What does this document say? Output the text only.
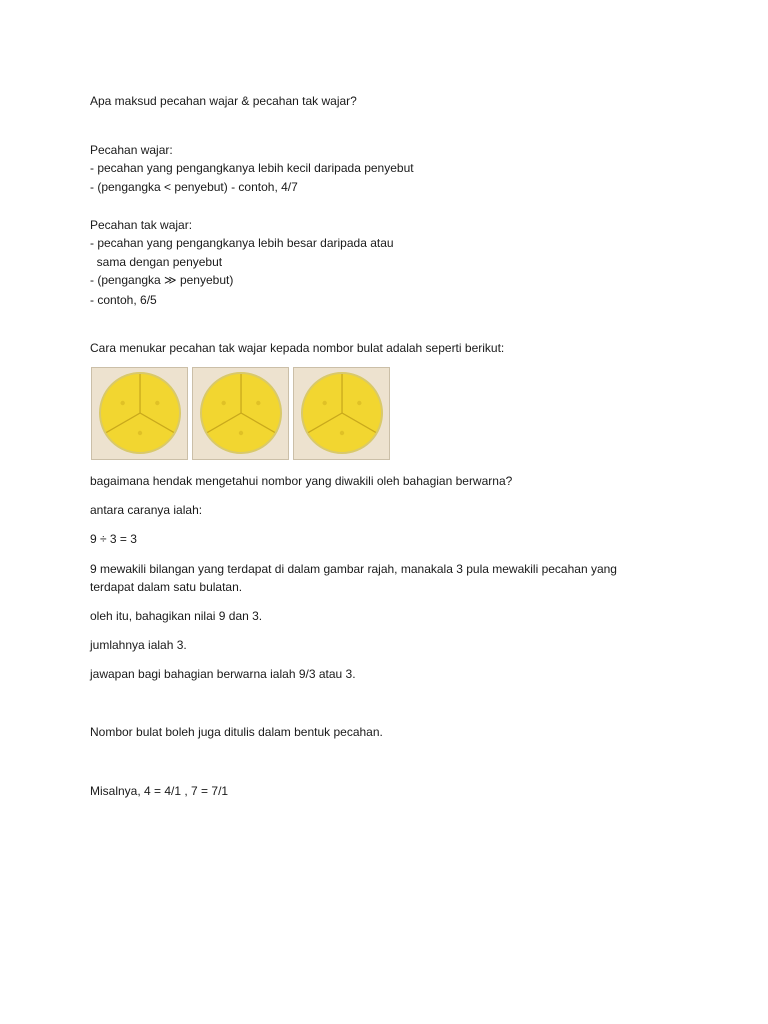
Apa maksud pecahan wajar & pecahan tak wajar?
Pecahan wajar:
- pecahan yang pengangkanya lebih kecil daripada penyebut
- (pengangka < penyebut) - contoh, 4/7
Pecahan tak wajar:
- pecahan yang pengangkanya lebih besar daripada atau
sama dengan penyebut
- (pengangka ≫ penyebut)
- contoh, 6/5
Cara menukar pecahan tak wajar kepada nombor bulat adalah seperti berikut:
bagaimana hendak mengetahui nombor yang diwakili oleh bahagian berwarna?
antara caranya ialah:
9 ÷ 3 = 3
9 mewakili bilangan yang terdapat di dalam gambar rajah, manakala 3 pula mewakili pecahan yang
terdapat dalam satu bulatan.
oleh itu, bahagikan nilai 9 dan 3.
jumlahnya ialah 3.
jawapan bagi bahagian berwarna ialah 9/3 atau 3.
Nombor bulat boleh juga ditulis dalam bentuk pecahan.
Misalnya, 4 = 4/1 , 7 = 7/1
